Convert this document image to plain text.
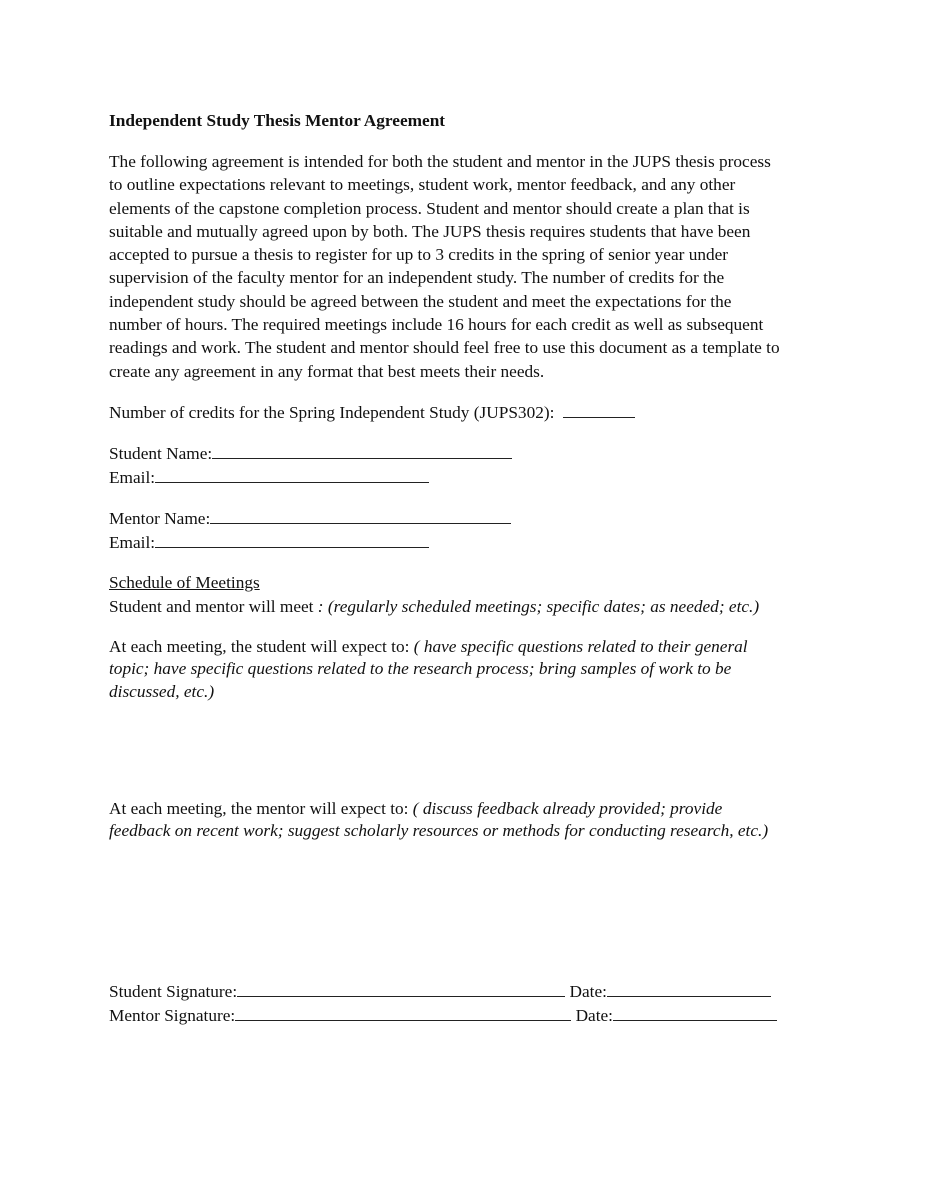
Independent Study Thesis Mentor Agreement
The following agreement is intended for both the student and mentor in the JUPS thesis process
to outline expectations relevant to meetings, student work, mentor feedback, and any other
elements of the capstone completion process. Student and mentor should create a plan that is
suitable and mutually agreed upon by both. The JUPS thesis requires students that have been
accepted to pursue a thesis to register for up to 3 credits in the spring of senior year under
supervision of the faculty mentor for an independent study. The number of credits for the
independent study should be agreed between the student and meet the expectations for the
number of hours. The required meetings include 16 hours for each credit as well as subsequent
readings and work. The student and mentor should feel free to use this document as a template to
create any agreement in any format that best meets their needs.
Number of credits for the Spring Independent Study (JUPS302):
Student Name:
Email:
Mentor Name:
Email:
Schedule of Meetings
Student and mentor will meet : (regularly scheduled meetings; specific dates; as needed; etc.)
At each meeting, the student will expect to: ( have specific questions related to their general
topic; have specific questions related to the research process; bring samples of work to be
discussed, etc.)
At each meeting, the mentor will expect to: ( discuss feedback already provided; provide
feedback on recent work; suggest scholarly resources or methods for conducting research, etc.)
Student Signature:	Date:
Mentor Signature:	Date:
